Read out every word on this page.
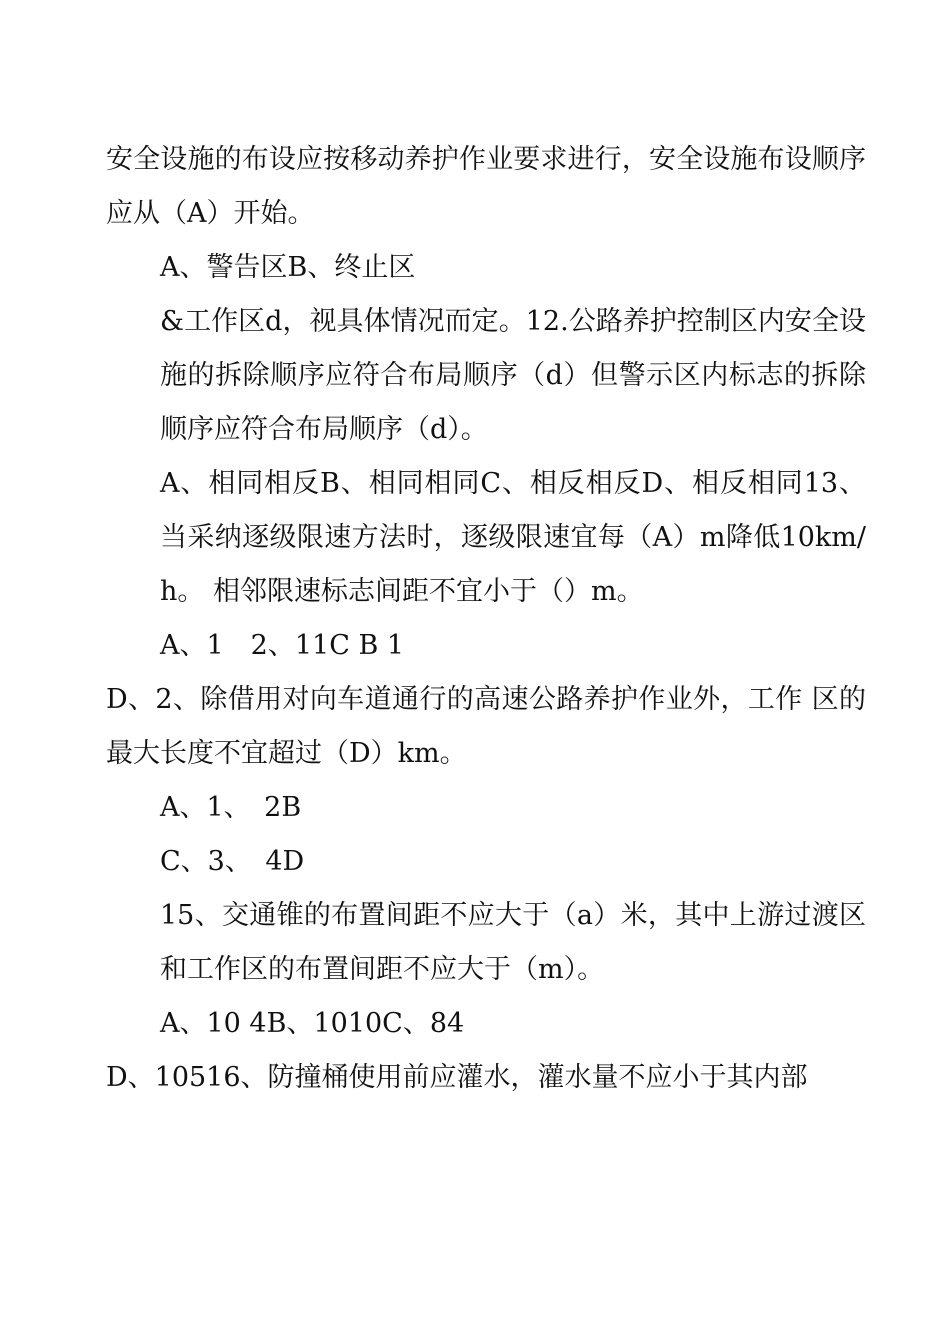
安全设施的布设应按移动养护作业要求进行，安全设施布设顺序应从（A）开始。

A、警告区B、终止区

&工作区d，视具体情况而定。12.公路养护控制区内安全设施的拆除顺序应符合布局顺序（d）但警示区内标志的拆除 顺序应符合布局顺序（d）。

A、相同相反B、相同相同C、相反相反D、相反相同13、当采纳逐级限速方法时，逐级限速宜每（A）m降低10km/h。 相邻限速标志间距不宜小于（）m。

A、1　2、11C B 1

D、2、除借用对向车道通行的高速公路养护作业外，工作 区的最大长度不宜超过（D）km。

A、1、　2B

C、3、　4D

15、交通锥的布置间距不应大于（a）米，其中上游过渡区和工作区的布置间距不应大于（m）。

A、10 4B、1010C、84

D、10516、防撞桶使用前应灌水，灌水量不应小于其内部
